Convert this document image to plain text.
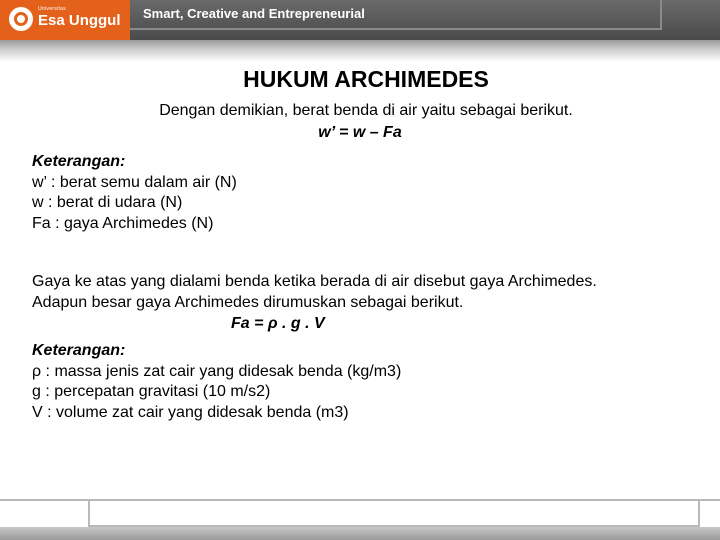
Universitas
Esa Unggul Smart, Creative and Entrepreneurial
HUKUM ARCHIMEDES
Dengan demikian, berat benda di air yaitu sebagai berikut.
w’ = w – Fa
Keterangan:
w’ : berat semu dalam air (N)
w : berat di udara (N)
Fa : gaya Archimedes (N)
Gaya ke atas yang dialami benda ketika berada di air disebut gaya Archimedes.
Adapun besar gaya Archimedes dirumuskan sebagai berikut.
Fa = ρ . g . V
Keterangan:
ρ : massa jenis zat cair yang didesak benda (kg/m3)
g : percepatan gravitasi (10 m/s2)
V : volume zat cair yang didesak benda (m3)
